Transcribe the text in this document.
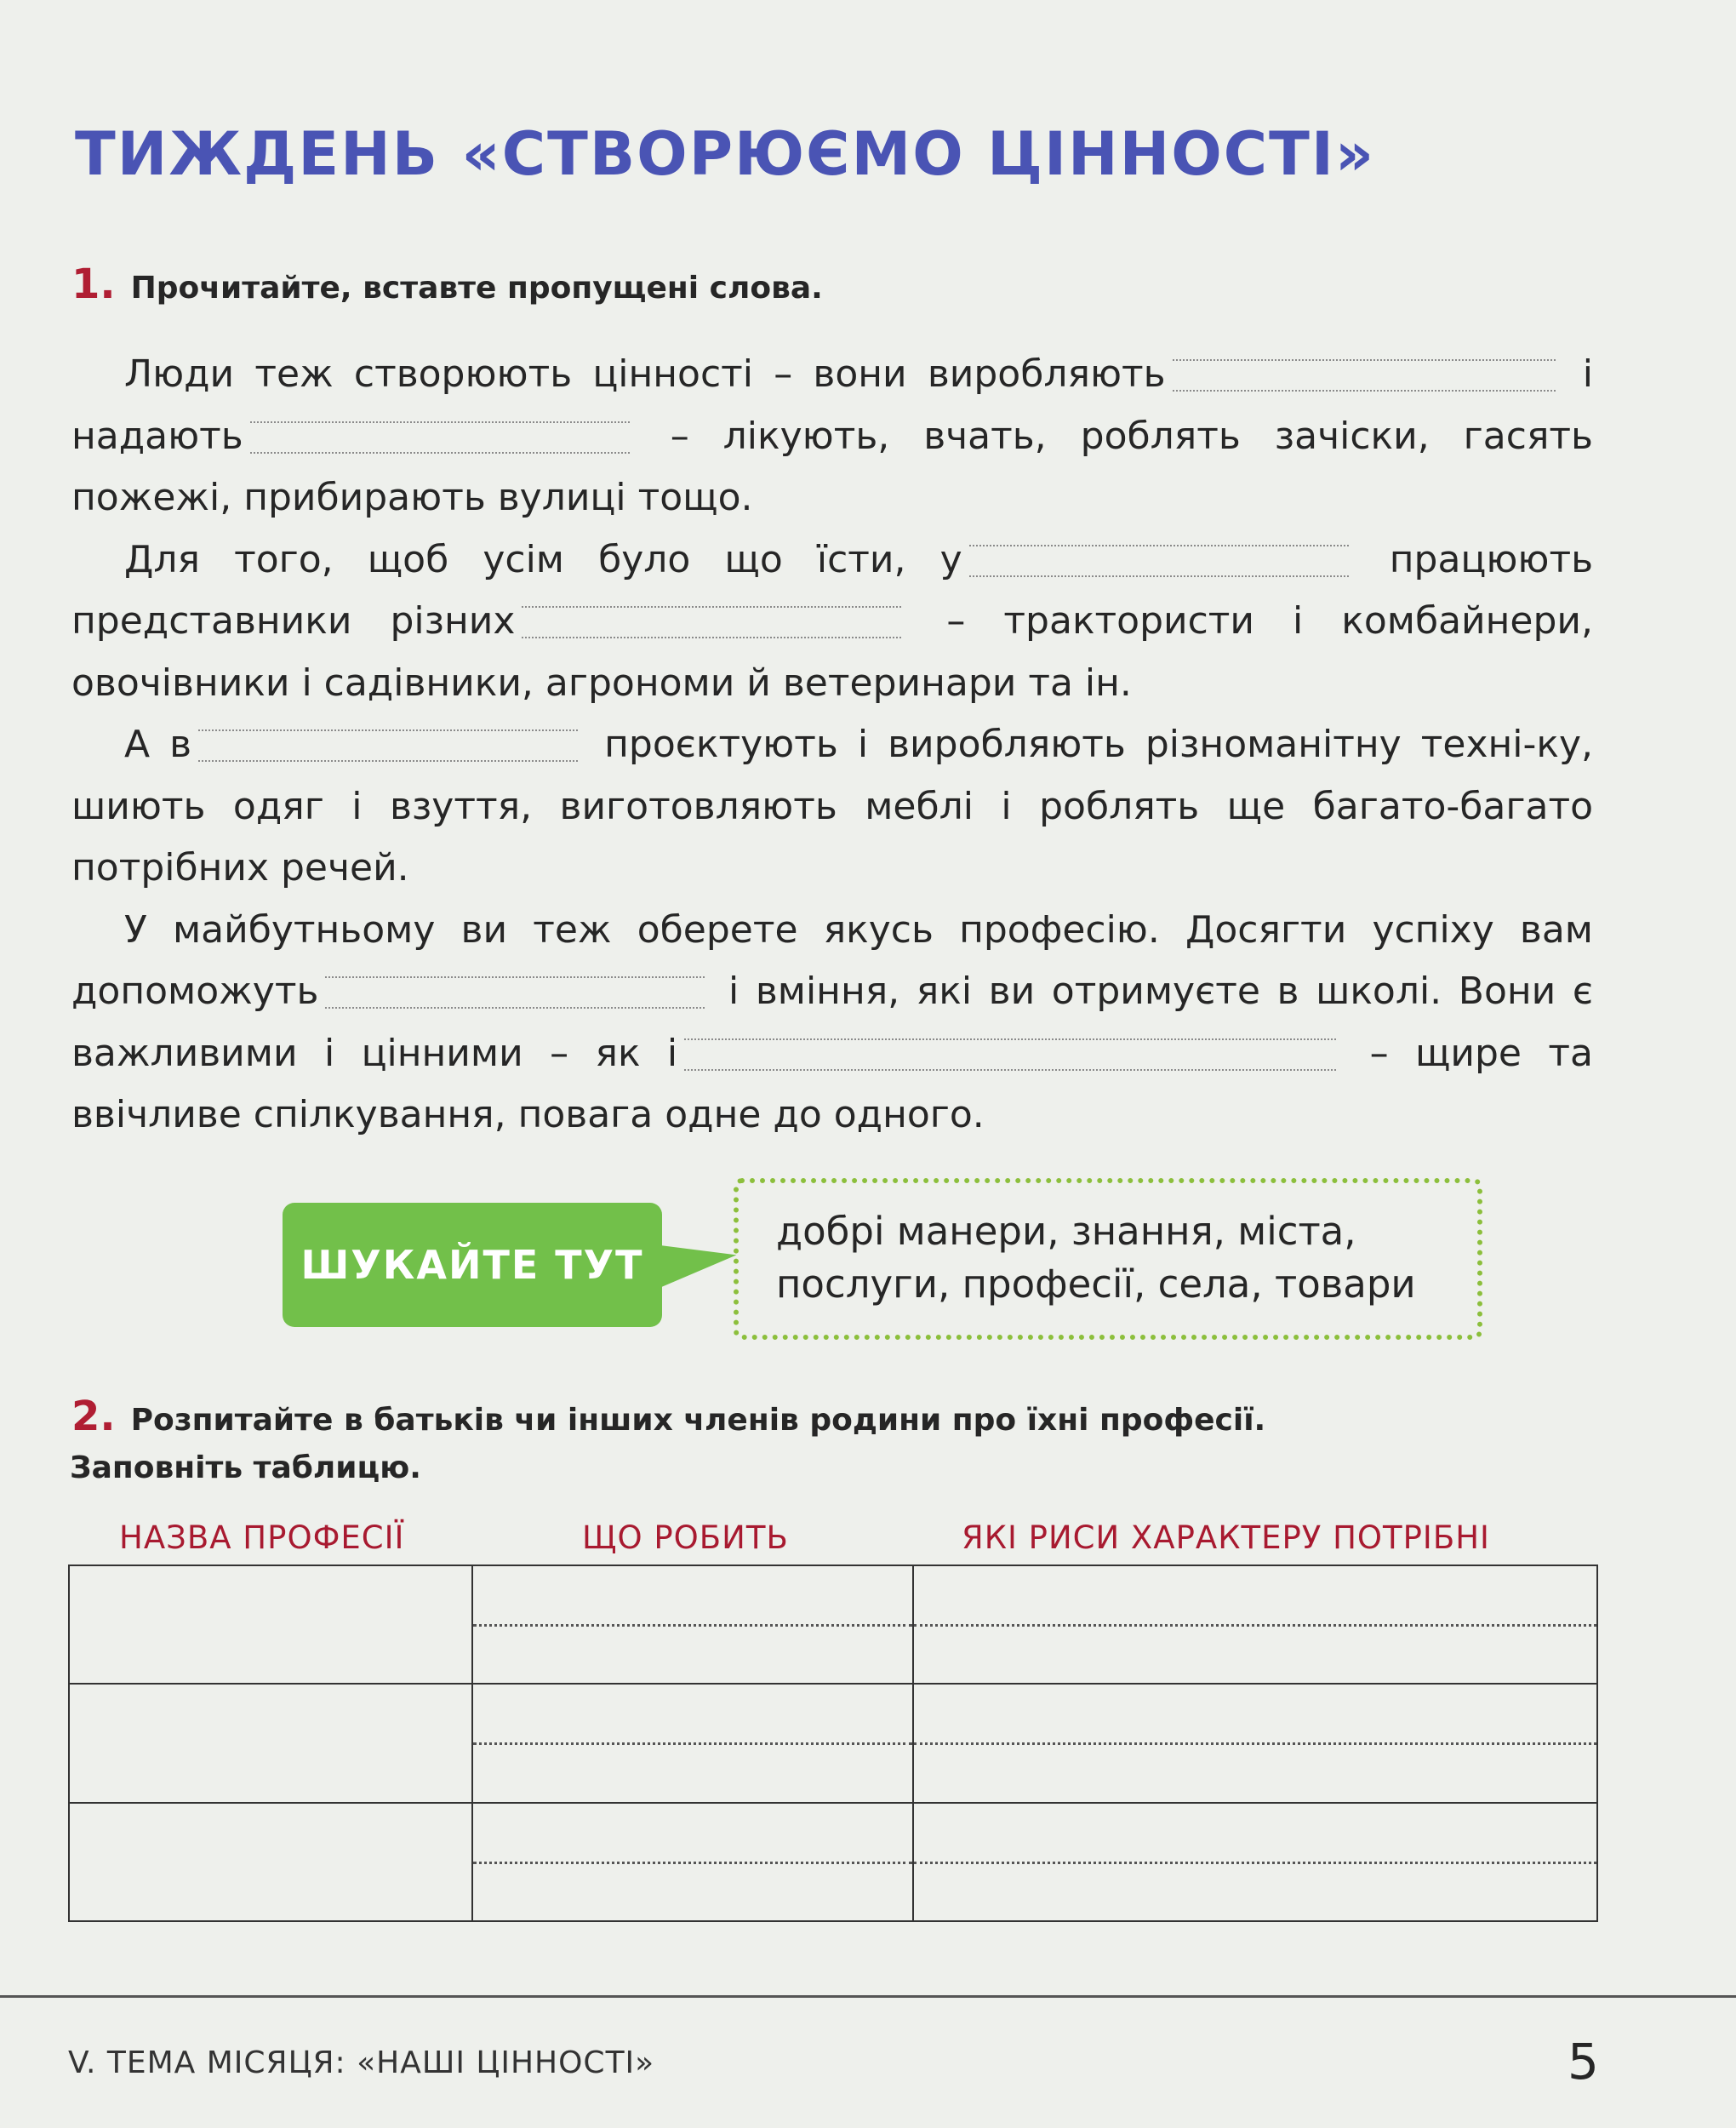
ТИЖДЕНЬ «СТВОРЮЄМО ЦІННОСТІ»
1. Прочитайте, вставте пропущені слова.

Люди теж створюють цінності – вони виробляють	і надають	– лікують, вчать, роблять зачіски, гасять пожежі, прибирають вулиці тощо.

Для того, щоб усім було що їсти, у	працюють представники різних	– трактористи і комбайнери, овочівники і садівники, агрономи й ветеринари та ін.

А в	проєктують і виробляють різноманітну техні-ку, шиють одяг і взуття, виготовляють меблі і роблять ще багато-багато потрібних речей.

У майбутньому ви теж оберете якусь професію. Досягти успіху вам допоможуть	і вміння, які ви отримуєте в школі. Вони є важливими і цінними – як і	– щире та ввічливе спілкування, повага одне до одного.

ШУКАЙТЕ ТУТ
добрі манери, знання, міста,
послуги, професії, села, товари
2. Розпитайте в батьків чи інших членів родини про їхні професії.
Заповніть таблицю.
НАЗВА ПРОФЕСІЇ	ЩО РОБИТЬ	ЯКІ РИСИ ХАРАКТЕРУ ПОТРІБНІ

V. ТЕМА МІСЯЦЯ: «НАШІ ЦІННОСТІ»	5
